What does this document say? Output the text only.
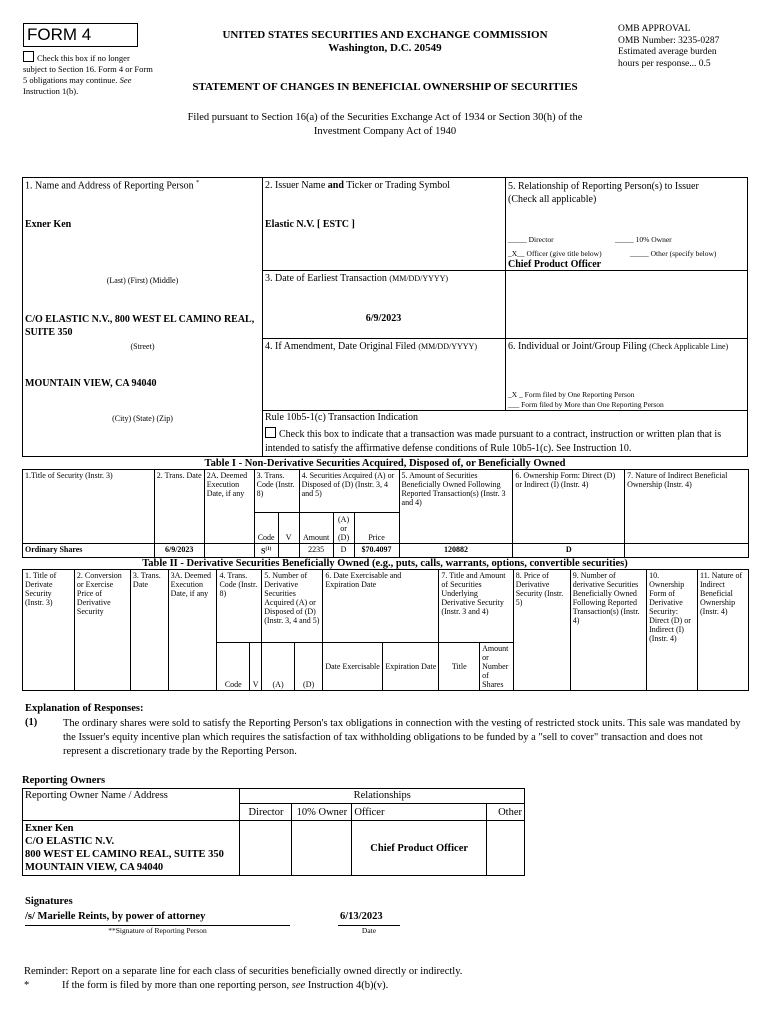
FORM 4
Check this box if no longer subject to Section 16. Form 4 or Form 5 obligations may continue. See Instruction 1(b).
UNITED STATES SECURITIES AND EXCHANGE COMMISSION
Washington, D.C. 20549
STATEMENT OF CHANGES IN BENEFICIAL OWNERSHIP OF SECURITIES
OMB APPROVAL
OMB Number: 3235-0287
Estimated average burden
hours per response... 0.5
Filed pursuant to Section 16(a) of the Securities Exchange Act of 1934 or Section 30(h) of the
Investment Company Act of 1940
1. Name and Address of Reporting Person *
Exner Ken
(Last) (First) (Middle)
C/O ELASTIC N.V., 800 WEST EL CAMINO REAL, SUITE 350
(Street)
MOUNTAIN VIEW, CA 94040
(City) (State) (Zip)
2. Issuer Name and Ticker or Trading Symbol
Elastic N.V. [ ESTC ]
5. Relationship of Reporting Person(s) to Issuer
(Check all applicable)
_____ Director	_____ 10% Owner
_X__ Officer (give title below)	_____ Other (specify below)
Chief Product Officer
3. Date of Earliest Transaction (MM/DD/YYYY)
6/9/2023
4. If Amendment, Date Original Filed (MM/DD/YYYY)	6. Individual or Joint/Group Filing (Check Applicable Line)
_X _ Form filed by One Reporting Person
___ Form filed by More than One Reporting Person
Rule 10b5-1(c) Transaction Indication
Check this box to indicate that a transaction was made pursuant to a contract, instruction or written plan that is intended to satisfy the affirmative defense conditions of Rule 10b5-1(c). See Instruction 10.
Table I - Non-Derivative Securities Acquired, Disposed of, or Beneficially Owned
1.Title of Security (Instr. 3)	2. Trans. Date	2A. Deemed Execution Date, if any	3. Trans. Code (Instr. 8)		4. Securities Acquired (A) or Disposed of (D) (Instr. 3, 4 and 5)			5. Amount of Securities Beneficially Owned Following Reported Transaction(s) (Instr. 3 and 4)	6. Ownership Form: Direct (D) or Indirect (I) (Instr. 4)	7. Nature of Indirect Beneficial Ownership (Instr. 4)
			Code	V	Amount	(A) or (D)	Price			
Ordinary Shares	6/9/2023		$S^{(1)}$		2235	D	$70.4097	120882	D	
Table II - Derivative Securities Beneficially Owned (e.g., puts, calls, warrants, options, convertible securities)
1. Title of Derivate Security (Instr. 3)	2. Conversion or Exercise Price of Derivative Security	3. Trans. Date	3A. Deemed Execution Date, if any	4. Trans. Code (Instr. 8)		5. Number of Derivative Securities Acquired (A) or Disposed of (D) (Instr. 3, 4 and 5)		6. Date Exercisable and Expiration Date		7. Title and Amount of Securities Underlying Derivative Security (Instr. 3 and 4)		8. Price of Derivative Security (Instr. 5)	9. Number of derivative Securities Beneficially Owned Following Reported Transaction(s) (Instr. 4)	10. Ownership Form of Derivative Security: Direct (D) or Indirect (I) (Instr. 4)	11. Nature of Indirect Beneficial Ownership (Instr. 4)
				Code	V	(A)	(D)	Date Exercisable	Expiration Date	Title	Amount or Number of Shares				
Explanation of Responses:
(1) The ordinary shares were sold to satisfy the Reporting Person's tax obligations in connection with the vesting of restricted stock units. This sale was mandated by the Issuer's equity incentive plan which requires the satisfaction of tax withholding obligations to be funded by a "sell to cover" transaction and does not represent a discretionary trade by the Reporting Person.
Reporting Owners
Reporting Owner Name / Address	Relationships			
	Director	10% Owner	Officer	Other

Exner Ken
C/O ELASTIC N.V.
800 WEST EL CAMINO REAL, SUITE 350
MOUNTAIN VIEW, CA 94040			Chief Product Officer	
Signatures
/s/ Marielle Reints, by power of attorney	6/13/2023
**Signature of Reporting Person	Date
Reminder: Report on a separate line for each class of securities beneficially owned directly or indirectly.
*	If the form is filed by more than one reporting person, see Instruction 4(b)(v).
